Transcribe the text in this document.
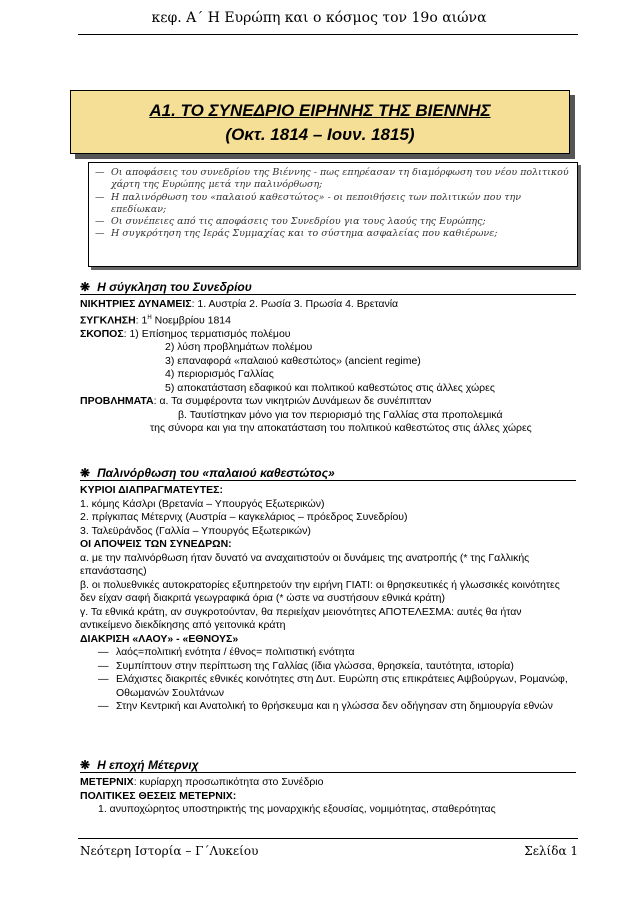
κεφ. Α΄ Η Ευρώπη και ο κόσμος τον 19ο αιώνα
Α1. ΤΟ ΣΥΝΕΔΡΙΟ ΕΙΡΗΝΗΣ ΤΗΣ ΒΙΕΝΝΗΣ
(Οκτ. 1814 – Ιουν. 1815)

— Οι αποφάσεις του συνεδρίου της Βιέννης - πως επηρέασαν τη διαμόρφωση του νέου πολιτικού χάρτη της Ευρώπης μετά την παλινόρθωση;

— Η παλινόρθωση του «παλαιού καθεστώτος» - οι πεποιθήσεις των πολιτικών που την επεδίωκαν;

— Οι συνέπειες από τις αποφάσεις του Συνεδρίου για τους λαούς της Ευρώπης;

— Η συγκρότηση της Ιεράς Συμμαχίας και το σύστημα ασφαλείας που καθιέρωνε;

❋ Η σύγκληση του Συνεδρίου

ΝΙΚΗΤΡΙΕΣ ΔΥΝΑΜΕΙΣ: 1. Αυστρία 2. Ρωσία 3. Πρωσία 4. Βρετανία

ΣΥΓΚΛΗΣΗ: $1^H$ Νοεμβρίου 1814

ΣΚΟΠΟΣ: 1) Επίσημος τερματισμός πολέμου

2) λύση προβλημάτων πολέμου

3) επαναφορά «παλαιού καθεστώτος» (ancient regime)

4) περιορισμός Γαλλίας

5) αποκατάσταση εδαφικού και πολιτικού καθεστώτος στις άλλες χώρες

ΠΡΟΒΛΗΜΑΤΑ: α. Τα συμφέροντα των νικητριών Δυνάμεων δε συνέπιπταν

β. Ταυτίστηκαν μόνο για τον περιορισμό της Γαλλίας στα προπολεμικά

της σύνορα και για την αποκατάσταση του πολιτικού καθεστώτος στις άλλες χώρες

❋ Παλινόρθωση του «παλαιού καθεστώτος»

ΚΥΡΙΟΙ ΔΙΑΠΡΑΓΜΑΤΕΥΤΕΣ:

1. κόμης Κάσλρι (Βρετανία – Υπουργός Εξωτερικών)

2. πρίγκιπας Μέτερνιχ (Αυστρία – καγκελάριος – πρόεδρος Συνεδρίου)

3. Ταλεϋράνδος (Γαλλία – Υπουργός Εξωτερικών)

ΟΙ ΑΠΟΨΕΙΣ ΤΩΝ ΣΥΝΕΔΡΩΝ:

α. με την παλινόρθωση ήταν δυνατό να αναχαιτιστούν οι δυνάμεις της ανατροπής (* της Γαλλικής επανάστασης)

β. οι πολυεθνικές αυτοκρατορίες εξυπηρετούν την ειρήνη ΓΙΑΤΙ: οι θρησκευτικές ή γλωσσικές κοινότητες δεν είχαν σαφή διακριτά γεωγραφικά όρια (* ώστε να συστήσουν εθνικά κράτη)

γ. Τα εθνικά κράτη, αν συγκροτούνταν, θα περιείχαν μειονότητες ΑΠΟΤΕΛΕΣΜΑ: αυτές θα ήταν αντικείμενο διεκδίκησης από γειτονικά κράτη

ΔΙΑΚΡΙΣΗ «ΛΑΟΥ» - «ΕΘΝΟΥΣ»

— λαός=πολιτική ενότητα / έθνος= πολιτιστική ενότητα

— Συμπίπτουν στην περίπτωση της Γαλλίας (ίδια γλώσσα, θρησκεία, ταυτότητα, ιστορία)

— Ελάχιστες διακριτές εθνικές κοινότητες στη Δυτ. Ευρώπη στις επικράτειες Αψβούργων, Ρομανώφ, Οθωμανών Σουλτάνων

— Στην Κεντρική και Ανατολική το θρήσκευμα και η γλώσσα δεν οδήγησαν στη δημιουργία εθνών

❋ Η εποχή Μέτερνιχ

ΜΕΤΕΡΝΙΧ: κυρίαρχη προσωπικότητα στο Συνέδριο

ΠΟΛΙΤΙΚΕΣ ΘΕΣΕΙΣ ΜΕΤΕΡΝΙΧ:

1. ανυποχώρητος υποστηρικτής της μοναρχικής εξουσίας, νομιμότητας, σταθερότητας

Νεότερη Ιστορία – Γ΄Λυκείου	Σελίδα 1
